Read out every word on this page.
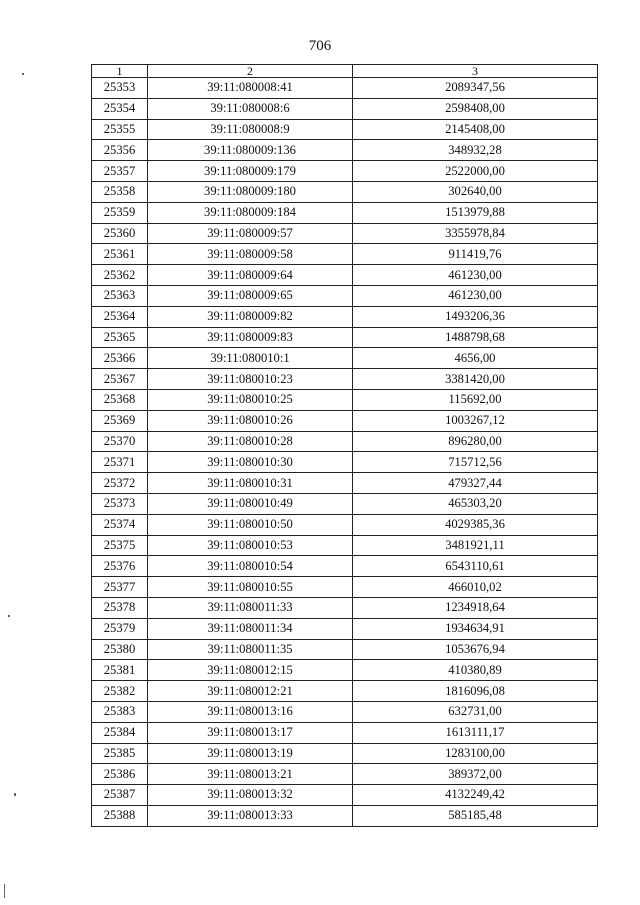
706
1	2	3
25353	39:11:080008:41	2089347,56
25354	39:11:080008:6	2598408,00
25355	39:11:080008:9	2145408,00
25356	39:11:080009:136	348932,28
25357	39:11:080009:179	2522000,00
25358	39:11:080009:180	302640,00
25359	39:11:080009:184	1513979,88
25360	39:11:080009:57	3355978,84
25361	39:11:080009:58	911419,76
25362	39:11:080009:64	461230,00
25363	39:11:080009:65	461230,00
25364	39:11:080009:82	1493206,36
25365	39:11:080009:83	1488798,68
25366	39:11:080010:1	4656,00
25367	39:11:080010:23	3381420,00
25368	39:11:080010:25	115692,00
25369	39:11:080010:26	1003267,12
25370	39:11:080010:28	896280,00
25371	39:11:080010:30	715712,56
25372	39:11:080010:31	479327,44
25373	39:11:080010:49	465303,20
25374	39:11:080010:50	4029385,36
25375	39:11:080010:53	3481921,11
25376	39:11:080010:54	6543110,61
25377	39:11:080010:55	466010,02
25378	39:11:080011:33	1234918,64
25379	39:11:080011:34	1934634,91
25380	39:11:080011:35	1053676,94
25381	39:11:080012:15	410380,89
25382	39:11:080012:21	1816096,08
25383	39:11:080013:16	632731,00
25384	39:11:080013:17	1613111,17
25385	39:11:080013:19	1283100,00
25386	39:11:080013:21	389372,00
25387	39:11:080013:32	4132249,42
25388	39:11:080013:33	585185,48
